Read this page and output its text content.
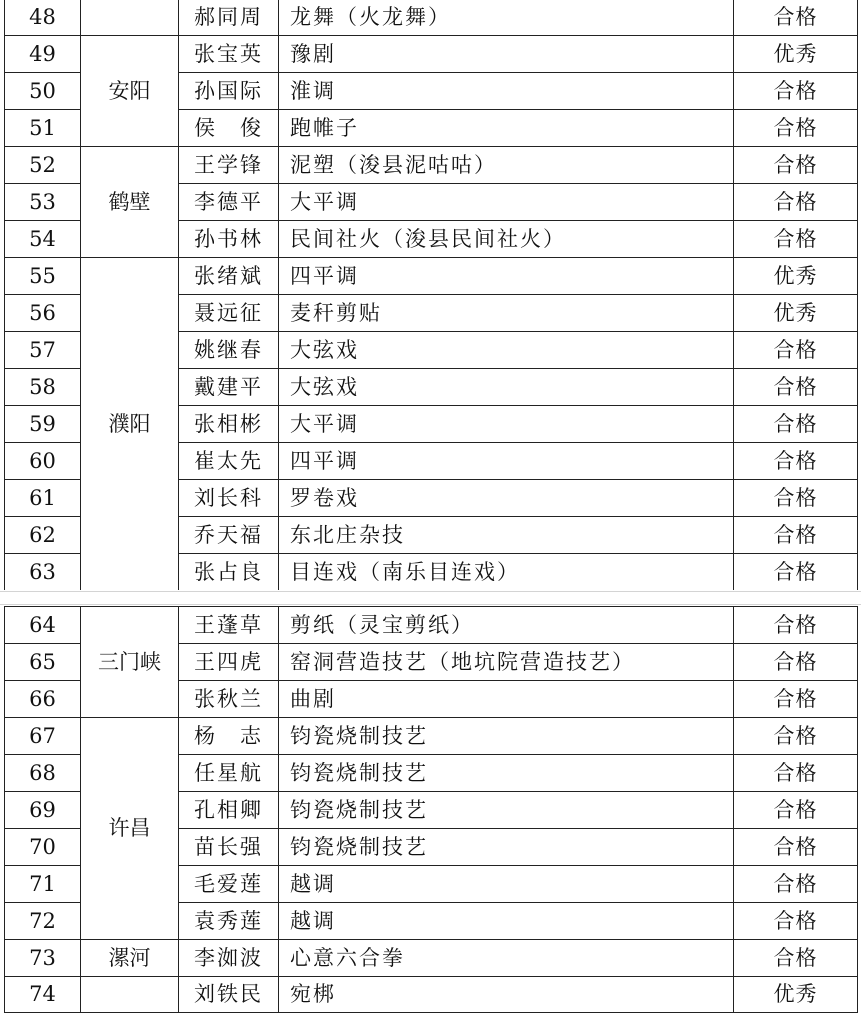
48		郝同周	龙舞（火龙舞）	合格
49	安阳	张宝英	豫剧	优秀
50		孙国际	淮调	合格
51		侯　俊	跑帷子	合格
52	鹤壁	王学锋	泥塑（浚县泥咕咕）	合格
53		李德平	大平调	合格
54		孙书林	民间社火（浚县民间社火）	合格
55	濮阳	张绪斌	四平调	优秀
56		聂远征	麦秆剪贴	优秀
57		姚继春	大弦戏	合格
58		戴建平	大弦戏	合格
59		张相彬	大平调	合格
60		崔太先	四平调	合格
61		刘长科	罗卷戏	合格
62		乔天福	东北庄杂技	合格
63		张占良	目连戏（南乐目连戏）	合格
64	三门峡	王蓬草	剪纸（灵宝剪纸）	合格
65		王四虎	窑洞营造技艺（地坑院营造技艺）	合格
66		张秋兰	曲剧	合格
67	许昌	杨　志	钧瓷烧制技艺	合格
68		任星航	钧瓷烧制技艺	合格
69		孔相卿	钧瓷烧制技艺	合格
70		苗长强	钧瓷烧制技艺	合格
71		毛爱莲	越调	合格
72		袁秀莲	越调	合格
73	漯河	李洳波	心意六合拳	合格
74		刘铁民	宛梆	优秀
